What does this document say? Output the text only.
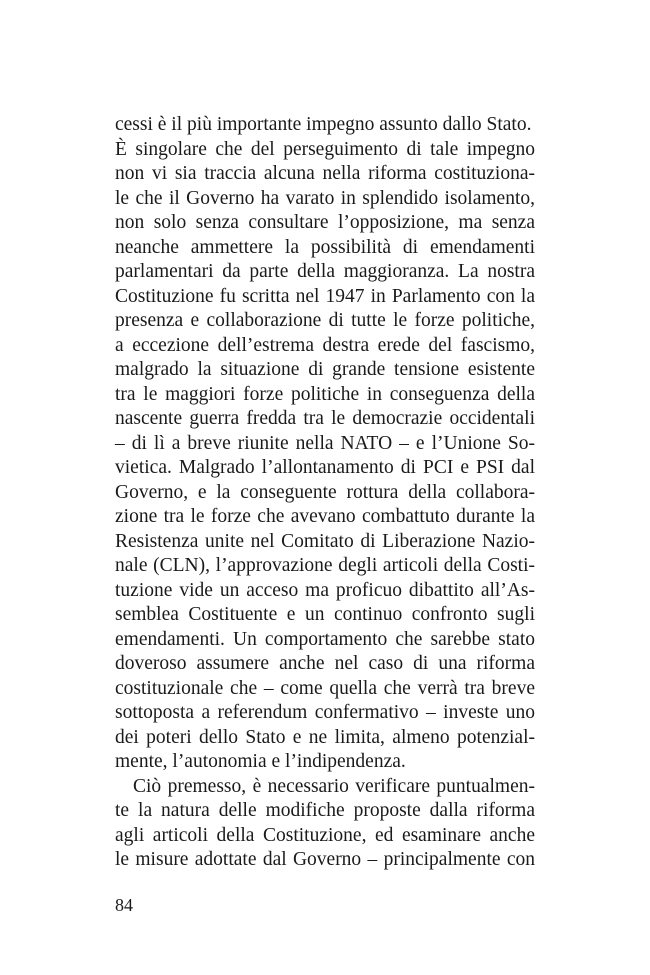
cessi è il più importante impegno assunto dallo Stato.
È singolare che del perseguimento di tale impegno
non vi sia traccia alcuna nella riforma costituziona-
le che il Governo ha varato in splendido isolamento,
non solo senza consultare l’opposizione, ma senza
neanche ammettere la possibilità di emendamenti
parlamentari da parte della maggioranza. La nostra
Costituzione fu scritta nel 1947 in Parlamento con la
presenza e collaborazione di tutte le forze politiche,
a eccezione dell’estrema destra erede del fascismo,
malgrado la situazione di grande tensione esistente
tra le maggiori forze politiche in conseguenza della
nascente guerra fredda tra le democrazie occidentali
– di lì a breve riunite nella NATO – e l’Unione So-
vietica. Malgrado l’allontanamento di PCI e PSI dal
Governo, e la conseguente rottura della collabora-
zione tra le forze che avevano combattuto durante la
Resistenza unite nel Comitato di Liberazione Nazio-
nale (CLN), l’approvazione degli articoli della Costi-
tuzione vide un acceso ma proficuo dibattito all’As-
semblea Costituente e un continuo confronto sugli
emendamenti. Un comportamento che sarebbe stato
doveroso assumere anche nel caso di una riforma
costituzionale che – come quella che verrà tra breve
sottoposta a referendum confermativo – investe uno
dei poteri dello Stato e ne limita, almeno potenzial-
mente, l’autonomia e l’indipendenza.
Ciò premesso, è necessario verificare puntualmen-
te la natura delle modifiche proposte dalla riforma
agli articoli della Costituzione, ed esaminare anche
le misure adottate dal Governo – principalmente con
84
